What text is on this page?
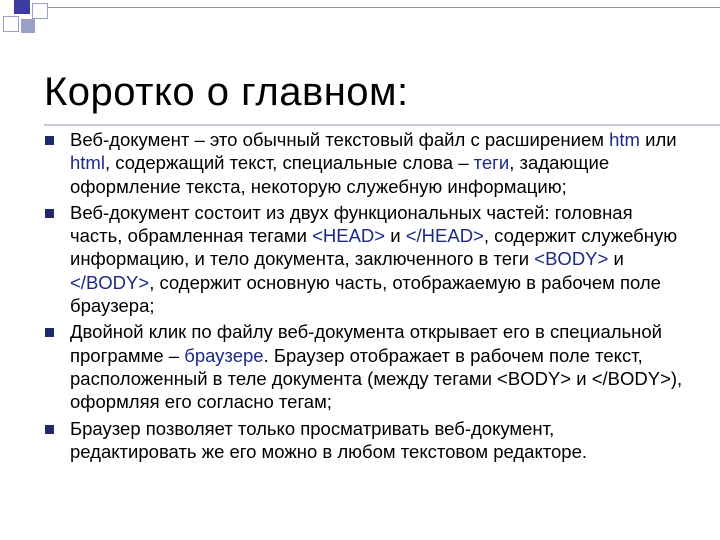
Коротко о главном:
Веб-документ – это обычный текстовый файл с расширением htm или html, содержащий текст, специальные слова – теги, задающие оформление текста, некоторую служебную информацию;
Веб-документ состоит из двух функциональных частей: головная часть, обрамленная тегами <HEAD> и </HEAD>, содержит служебную информацию, и тело документа, заключенного в теги <BODY> и </BODY>, содержит основную часть, отображаемую в рабочем поле браузера;
Двойной клик по файлу веб-документа открывает его в специальной программе – браузере. Браузер отображает в рабочем поле текст, расположенный в теле документа (между тегами <BODY> и </BODY>), оформляя его согласно тегам;
Браузер позволяет только просматривать веб-документ, редактировать же его можно в любом текстовом редакторе.
